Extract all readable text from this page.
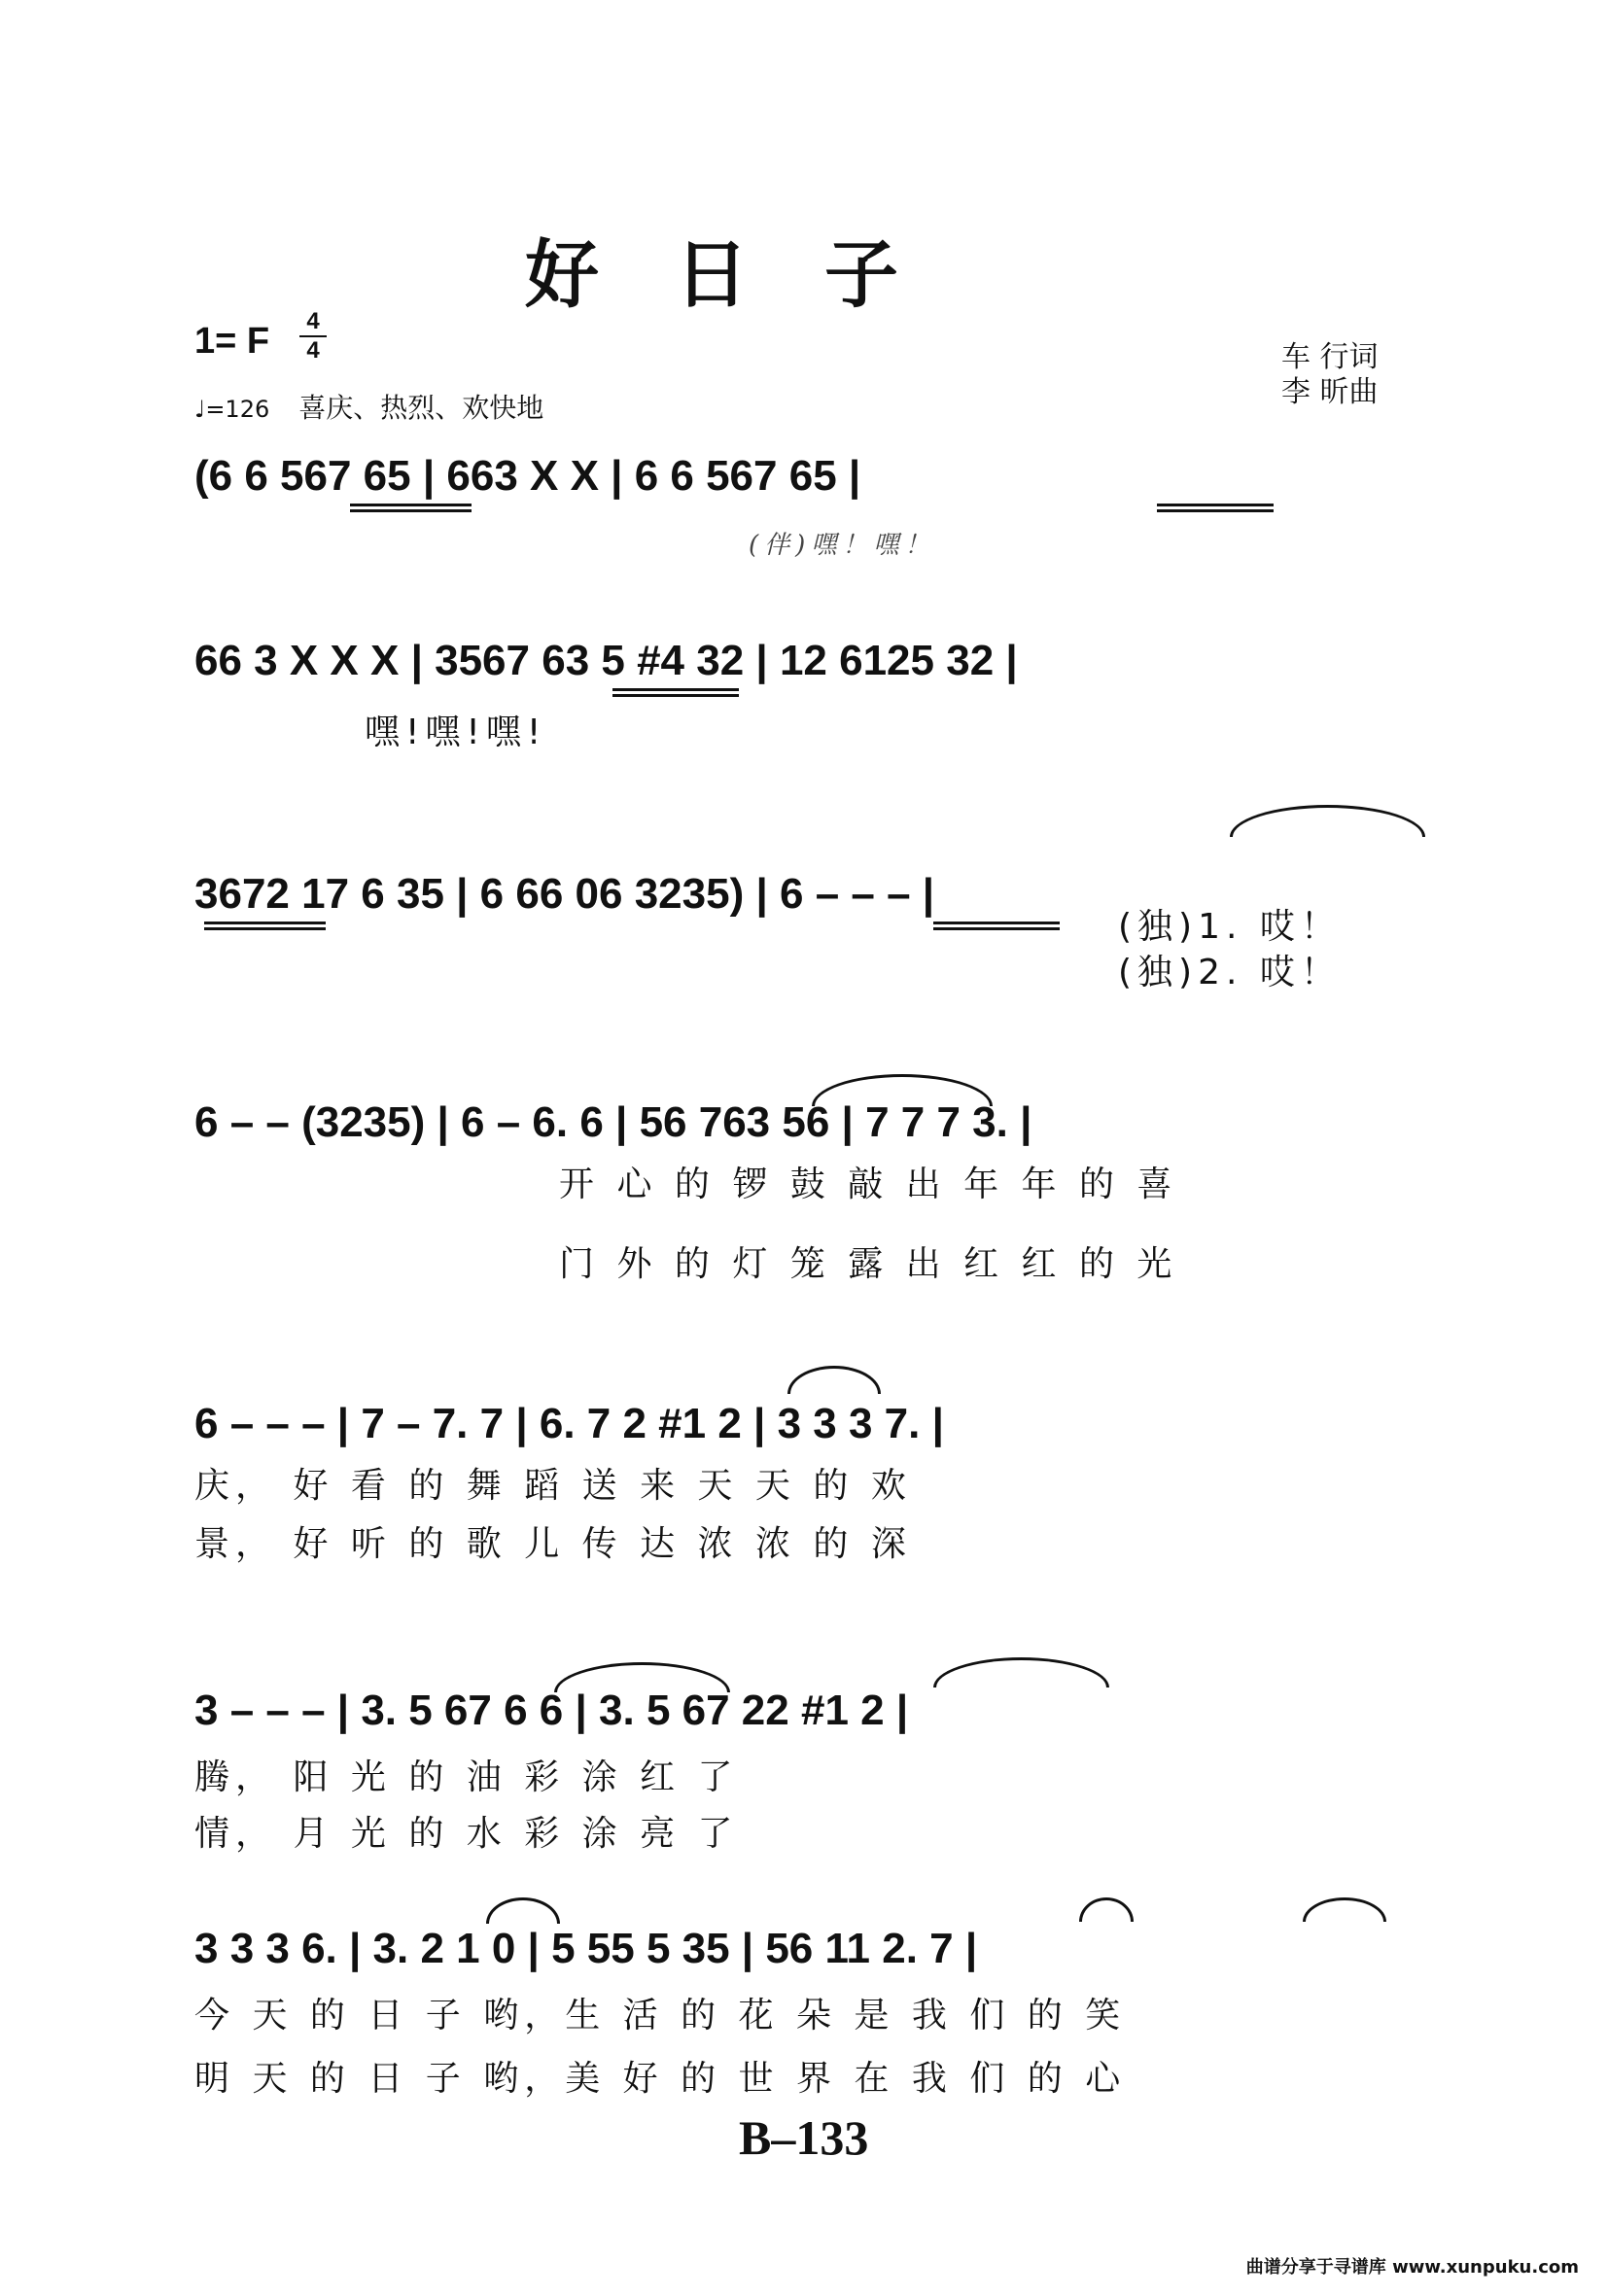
好日子
1= F	4
4
♩=126 喜庆、热烈、欢快地
车 行词
李 昕曲
(6 6 567 65 | 663 X X | 6 6 567 65 |
(伴)嘿！嘿！
66 3 X X X | 3567 63 5 #4 32 | 12 6125 32 |
嘿!嘿!嘿!
3672 17 6 35 | 6 66 06 3235) | 6 – – – |
(独)1. 哎！
(独)2. 哎！
6 – – (3235) | 6 – 6. 6 | 56 763 56 | 7 7 7 3. |
开 心 的 锣 鼓 敲 出 年 年 的 喜
门 外 的 灯 笼 露 出 红 红 的 光
6 – – – | 7 – 7. 7 | 6. 7 2 #1 2 | 3 3 3 7. |
庆， 好 看 的 舞 蹈 送 来 天 天 的 欢
景， 好 听 的 歌 儿 传 达 浓 浓 的 深
3 – – – | 3. 5 67 6 6 | 3. 5 67 22 #1 2 |
腾， 阳 光 的 油 彩 涂 红 了
情， 月 光 的 水 彩 涂 亮 了
3 3 3 6. | 3. 2 1 0 | 5 55 5 35 | 56 11 2. 7 |
今 天 的 日 子 哟，生 活 的 花 朵 是 我 们 的 笑
明 天 的 日 子 哟，美 好 的 世 界 在 我 们 的 心
B–133
曲谱分享于寻谱库 www.xunpuku.com
